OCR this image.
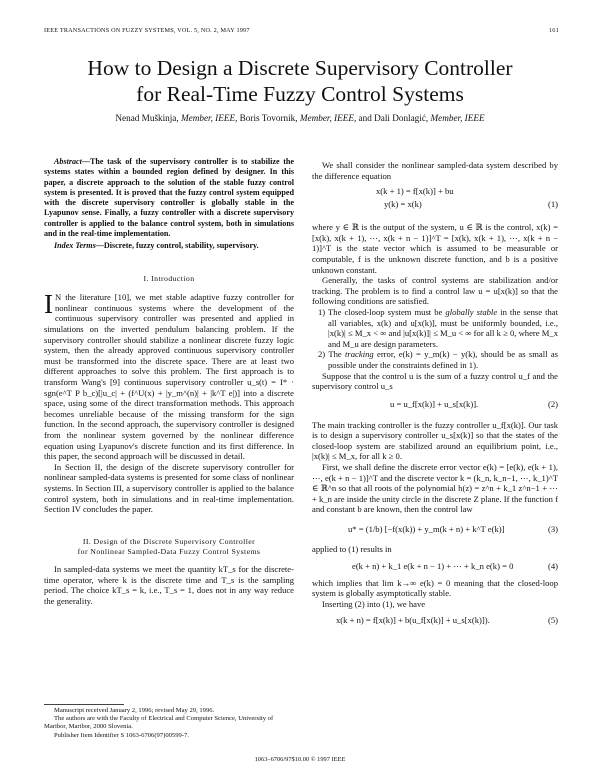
IEEE TRANSACTIONS ON FUZZY SYSTEMS, VOL. 5, NO. 2, MAY 1997	161
How to Design a Discrete Supervisory Controller
for Real-Time Fuzzy Control Systems
Nenad Muškinja, Member, IEEE, Boris Tovornik, Member, IEEE, and Dali Donlagić, Member, IEEE

Abstract—The task of the supervisory controller is to stabilize the systems states within a bounded region defined by designer. In this paper, a discrete approach to the solution of the stable fuzzy control system is presented. It is proved that the fuzzy control system equipped with the discrete supervisory controller is globally stable in the Lyapunov sense. Finally, a fuzzy controller with a discrete supervisory controller is applied to the balance control system, both in simulations and in the real-time implementation.

Index Terms—Discrete, fuzzy control, stability, supervisory.

I. Introduction

I N the literature [10], we met stable adaptive fuzzy controller for nonlinear continuous systems where the development of the continuous supervisory controller was presented and applied in simulations on the inverted pendulum balancing problem. If the supervisory controller should stabilize a nonlinear discrete fuzzy logic system, then the already approved continuous supervisory controller must be transformed into the discrete space. There are at least two different approaches to solve this problem. The first approach is to transform Wang's [9] continuous supervisory controller u_s(t) = I* · sgn(e^T P b_c)[|u_c| + (f^U(x) + |y_m^(n)| + |k^T e|)] into a discrete space, using some of the direct transformation methods. This approach becomes unreliable because of the missing transform for the sign function. In the second approach, the supervisory controller is designed from the nonlinear system governed by the nonlinear difference equation using Lyapunov's discrete function and its first difference. In this paper, the second approach will be discussed in detail.

In Section II, the design of the discrete supervisory controller for nonlinear sampled-data systems is presented for some class of nonlinear systems. In Section III, a supervisory controller is applied to the balance control system, both in simulations and in real-time implementation. Section IV concludes the paper.

II. Design of the Discrete Supervisory Controller
for Nonlinear Sampled-Data Fuzzy Control Systems

In sampled-data systems we meet the quantity kT_s for the discrete-time operator, where k is the discrete time and T_s is the sampling period. The choice kT_s = k, i.e., T_s = 1, does not in any way reduce the generality.

Manuscript received January 2, 1996; revised May 29, 1996.
The authors are with the Faculty of Electrical and Computer Science, University of Maribor, Maribor, 2000 Slovenia.
Publisher Item Identifier S 1063-6706(97)00599-7.

We shall consider the nonlinear sampled-data system described by the difference equation

x(k + 1) = f[x(k)] + bu
y(k) = x(k)	(1)

where y ∈ ℝ is the output of the system, u ∈ ℝ is the control, x(k) = [x(k), x(k + 1), ⋯, x(k + n − 1)]^T = [x(k), x(k + 1), ⋯, x(k + n − 1)]^T is the state vector which is assumed to be measurable or computable, f is the unknown discrete function, and b is a positive unknown constant.

Generally, the tasks of control systems are stabilization and/or tracking. The problem is to find a control law u = u[x(k)] so that the following conditions are satisfied.

1) The closed-loop system must be globally stable in the sense that all variables, x(k) and u[x(k)], must be uniformly bounded, i.e., |x(k)| ≤ M_x < ∞ and |u[x(k)]| ≤ M_u < ∞ for all k ≥ 0, where M_x and M_u are design parameters.

2) The tracking error, e(k) = y_m(k) − y(k), should be as small as possible under the constraints defined in 1).

Suppose that the control u is the sum of a fuzzy control u_f and the supervisory control u_s

u = u_f[x(k)] + u_s[x(k)].	(2)

The main tracking controller is the fuzzy controller u_f[x(k)]. Our task is to design a supervisory controller u_s[x(k)] so that the states of the closed-loop system are stabilized around an equilibrium point, i.e., |x(k)| ≤ M_x, for all k ≥ 0.

First, we shall define the discrete error vector e(k) = [e(k), e(k + 1), ⋯, e(k + n − 1)]^T and the discrete vector k = (k_n, k_n−1, ⋯, k_1)^T ∈ ℝ^n so that all roots of the polynomial h(z) = z^n + k_1 z^n−1 + ⋯ + k_n are inside the unity circle in the discrete Z plane. If the function f and constant b are known, then the control law

u* = (1/b) [−f(x(k)) + y_m(k + n) + k^T e(k)]	(3)

applied to (1) results in

e(k + n) + k_1 e(k + n − 1) + ⋯ + k_n e(k) = 0	(4)

which implies that lim k→∞ e(k) = 0 meaning that the closed-loop system is globally asymptotically stable.

Inserting (2) into (1), we have

x(k + n) = f[x(k)] + b(u_f[x(k)] + u_s[x(k)]).	(5)
1063–6706/97$10.00 © 1997 IEEE
